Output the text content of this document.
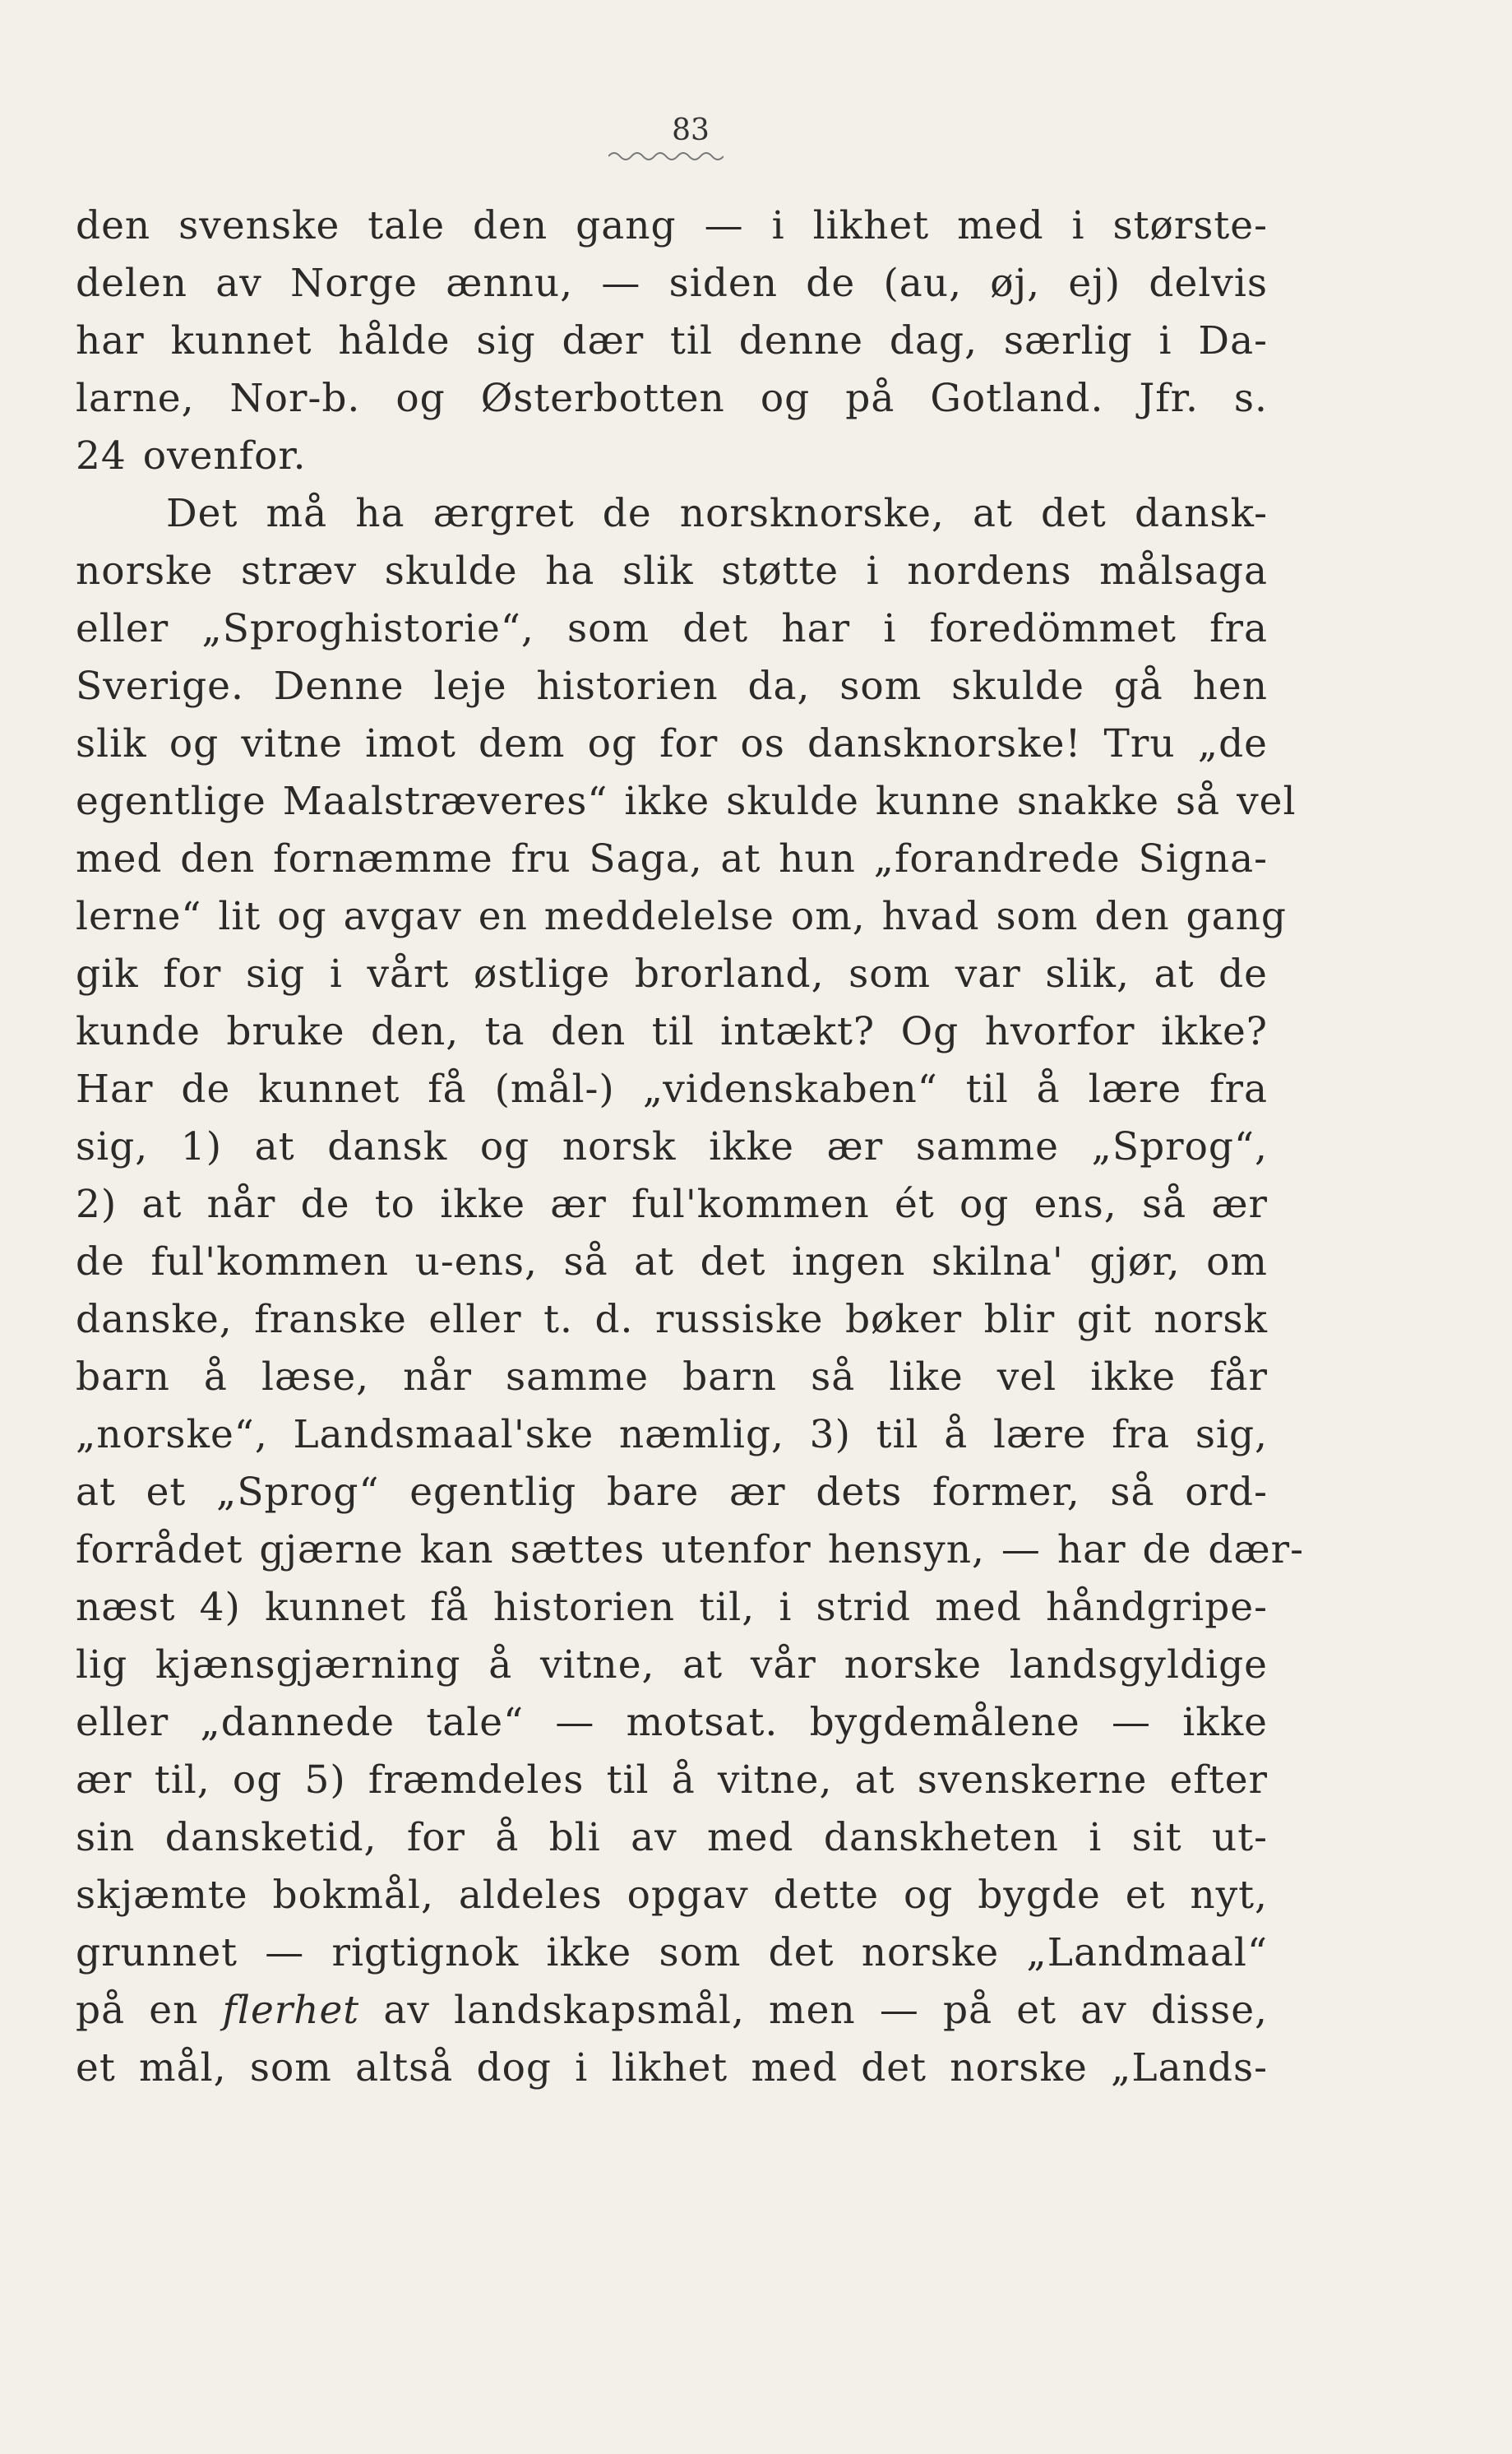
83
den svenske tale den gang — i likhet med i største-
delen av Norge ænnu, — siden de (au, øj, ej) delvis
har kunnet hålde sig dær til denne dag, særlig i Da-
larne, Nor-b. og Østerbotten og på Gotland. Jfr. s.
24 ovenfor.
Det må ha ærgret de norsknorske, at det dansk-
norske stræv skulde ha slik støtte i nordens målsaga
eller „Sproghistorie“, som det har i foredömmet fra
Sverige. Denne leje historien da, som skulde gå hen
slik og vitne imot dem og for os dansknorske! Tru „de
egentlige Maalstræveres“ ikke skulde kunne snakke så vel
med den fornæmme fru Saga, at hun „forandrede Signa-
lerne“ lit og avgav en meddelelse om, hvad som den gang
gik for sig i vårt østlige brorland, som var slik, at de
kunde bruke den, ta den til intækt? Og hvorfor ikke?
Har de kunnet få (mål-) „videnskaben“ til å lære fra
sig, 1) at dansk og norsk ikke ær samme „Sprog“,
2) at når de to ikke ær ful'kommen ét og ens, så ær
de ful'kommen u-ens, så at det ingen skilna' gjør, om
danske, franske eller t. d. russiske bøker blir git norsk
barn å læse, når samme barn så like vel ikke får
„norske“, Landsmaal'ske næmlig, 3) til å lære fra sig,
at et „Sprog“ egentlig bare ær dets former, så ord-
forrådet gjærne kan sættes utenfor hensyn, — har de dær-
næst 4) kunnet få historien til, i strid med håndgripe-
lig kjænsgjærning å vitne, at vår norske landsgyldige
eller „dannede tale“ — motsat. bygdemålene — ikke
ær til, og 5) fræmdeles til å vitne, at svenskerne efter
sin dansketid, for å bli av med danskheten i sit ut-
skjæmte bokmål, aldeles opgav dette og bygde et nyt,
grunnet — rigtignok ikke som det norske „Landmaal“
på en flerhet av landskapsmål, men — på et av disse,
et mål, som altså dog i likhet med det norske „Lands-
